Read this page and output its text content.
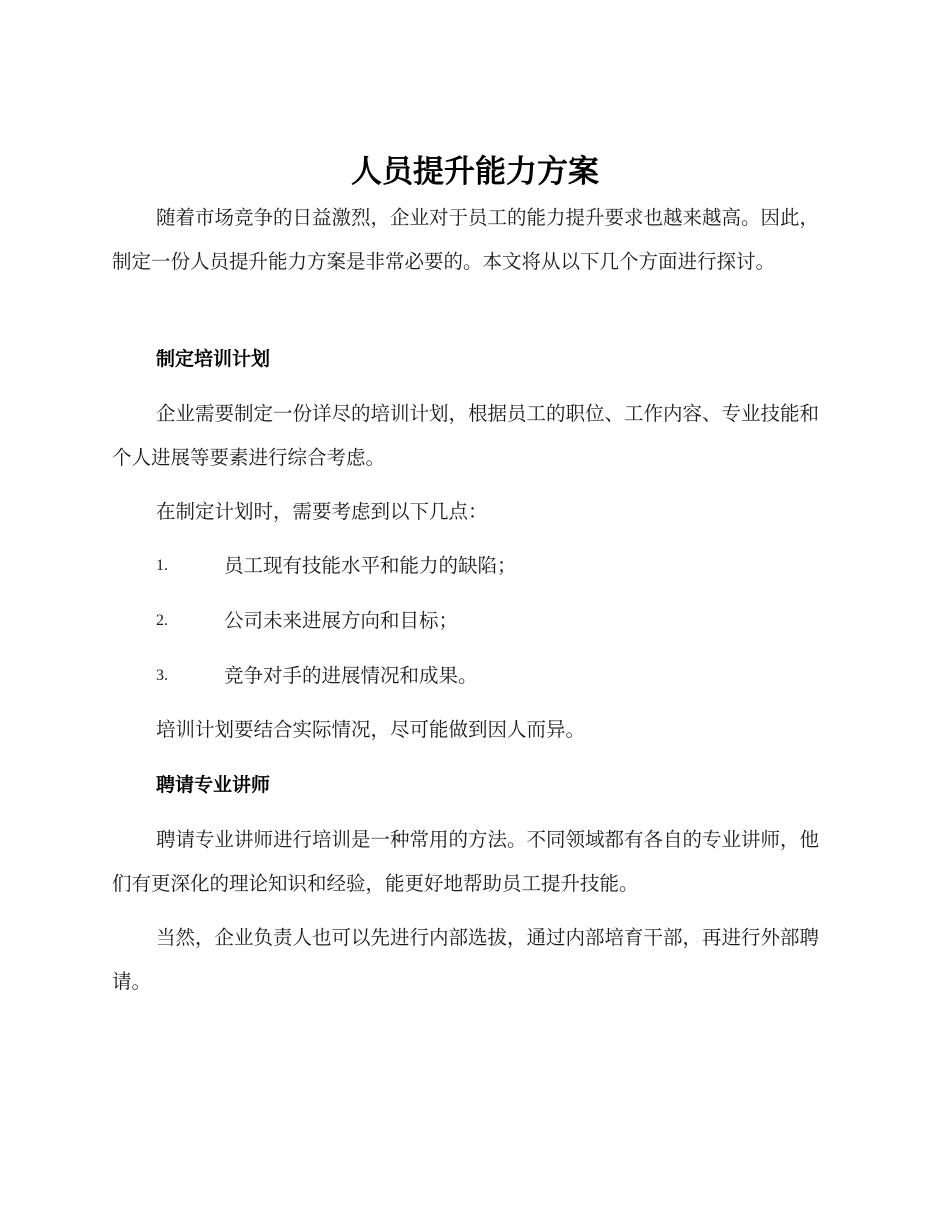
人员提升能力方案
随着市场竞争的日益激烈，企业对于员工的能力提升要求也越来越高。因此，制定一份人员提升能力方案是非常必要的。本文将从以下几个方面进行探讨。
制定培训计划
企业需要制定一份详尽的培训计划，根据员工的职位、工作内容、专业技能和个人进展等要素进行综合考虑。
在制定计划时，需要考虑到以下几点：
1.	员工现有技能水平和能力的缺陷；
2.	公司未来进展方向和目标；
3.	竞争对手的进展情况和成果。
培训计划要结合实际情况，尽可能做到因人而异。
聘请专业讲师
聘请专业讲师进行培训是一种常用的方法。不同领域都有各自的专业讲师，他们有更深化的理论知识和经验，能更好地帮助员工提升技能。
当然，企业负责人也可以先进行内部选拔，通过内部培育干部，再进行外部聘请。
